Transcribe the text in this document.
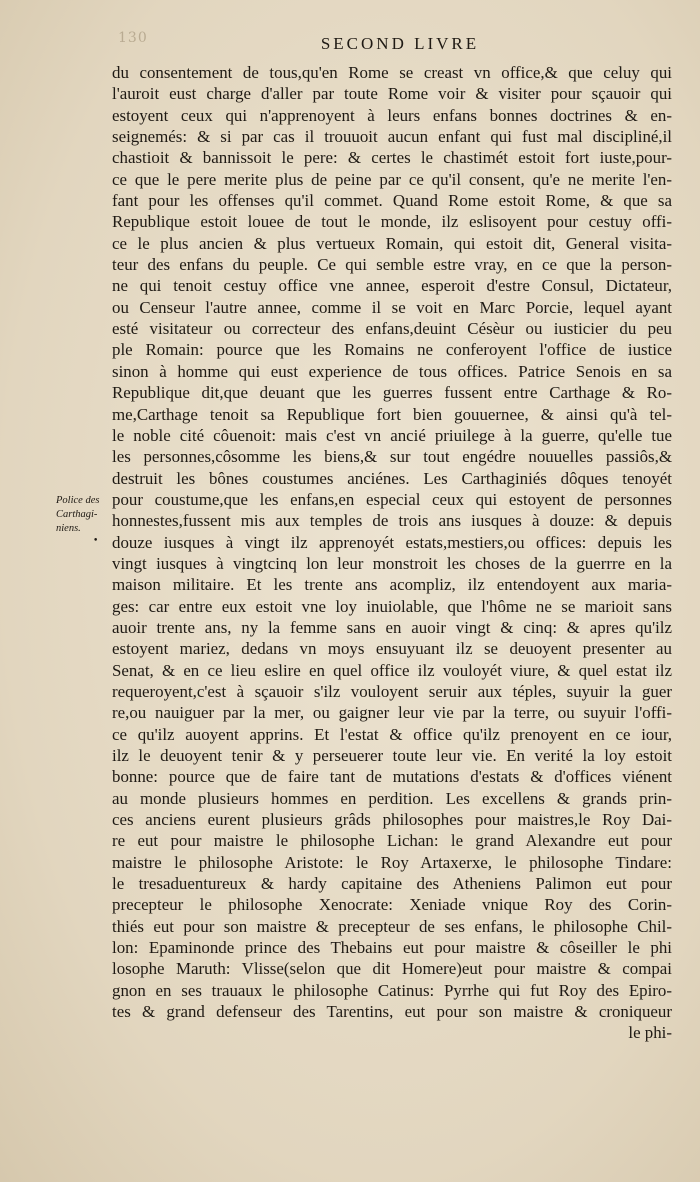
130	SECOND LIVRE
Police des
Carthagi-
niens.
•
du consentement de tous,qu'en Rome se creast vn office,& que celuy qui
l'auroit eust charge d'aller par toute Rome voir & visiter pour sçauoir qui
estoyent ceux qui n'apprenoyent à leurs enfans bonnes doctrines & en-
seignemés: & si par cas il trouuoit aucun enfant qui fust mal discipliné,il
chastioit & bannissoit le pere: & certes le chastimét estoit fort iuste,pour-
ce que le pere merite plus de peine par ce qu'il consent, qu'e ne merite l'en-
fant pour les offenses qu'il commet. Quand Rome estoit Rome, & que sa
Republique estoit louee de tout le monde, ilz eslisoyent pour cestuy offi-
ce le plus ancien & plus vertueux Romain, qui estoit dit, General visita-
teur des enfans du peuple. Ce qui semble estre vray, en ce que la person-
ne qui tenoit cestuy office vne annee, esperoit d'estre Consul, Dictateur,
ou Censeur l'autre annee, comme il se voit en Marc Porcie, lequel ayant
esté visitateur ou correcteur des enfans,deuint Césèur ou iusticier du peu
ple Romain: pource que les Romains ne conferoyent l'office de iustice
sinon à homme qui eust experience de tous offices. Patrice Senois en sa
Republique dit,que deuant que les guerres fussent entre Carthage & Ro-
me,Carthage tenoit sa Republique fort bien gouuernee, & ainsi qu'à tel-
le noble cité côuenoit: mais c'est vn ancié priuilege à la guerre, qu'elle tue
les personnes,côsomme les biens,& sur tout engédre nouuelles passiôs,&
destruit les bônes coustumes anciénes. Les Carthaginiés dôques tenoyét
pour coustume,que les enfans,en especial ceux qui estoyent de personnes
honnestes,fussent mis aux temples de trois ans iusques à douze: & depuis
douze iusques à vingt ilz apprenoyét estats,mestiers,ou offices: depuis les
vingt iusques à vingtcinq lon leur monstroit les choses de la guerrre en la
maison militaire. Et les trente ans acompliz, ilz entendoyent aux maria-
ges: car entre eux estoit vne loy inuiolable, que l'hôme ne se marioit sans
auoir trente ans, ny la femme sans en auoir vingt & cinq: & apres qu'ilz
estoyent mariez, dedans vn moys ensuyuant ilz se deuoyent presenter au
Senat, & en ce lieu eslire en quel office ilz vouloyét viure, & quel estat ilz
requeroyent,c'est à sçauoir s'ilz vouloyent seruir aux téples, suyuir la guer
re,ou nauiguer par la mer, ou gaigner leur vie par la terre, ou suyuir l'offi-
ce qu'ilz auoyent apprins. Et l'estat & office qu'ilz prenoyent en ce iour,
ilz le deuoyent tenir & y perseuerer toute leur vie. En verité la loy estoit
bonne: pource que de faire tant de mutations d'estats & d'offices viénent
au monde plusieurs hommes en perdition. Les excellens & grands prin-
ces anciens eurent plusieurs grâds philosophes pour maistres,le Roy Dai-
re eut pour maistre le philosophe Lichan: le grand Alexandre eut pour
maistre le philosophe Aristote: le Roy Artaxerxe, le philosophe Tindare:
le tresaduentureux & hardy capitaine des Atheniens Palimon eut pour
precepteur le philosophe Xenocrate: Xeniade vnique Roy des Corin-
thiés eut pour son maistre & precepteur de ses enfans, le philosophe Chil-
lon: Epaminonde prince des Thebains eut pour maistre & côseiller le phi
losophe Maruth: Vlisse(selon que dit Homere)eut pour maistre & compai
gnon en ses trauaux le philosophe Catinus: Pyrrhe qui fut Roy des Epiro-
tes & grand defenseur des Tarentins, eut pour son maistre & croniqueur
le phi-
